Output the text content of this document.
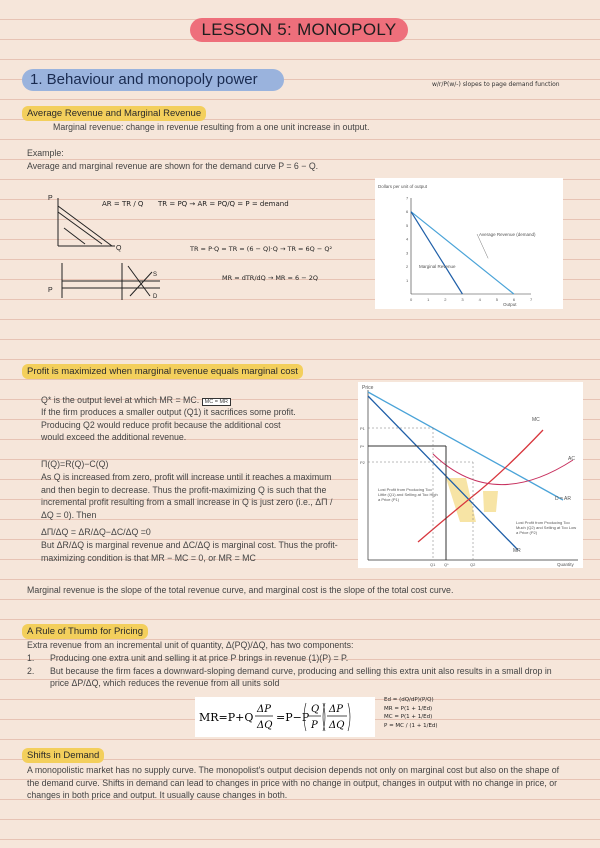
LESSON 5: MONOPOLY
1. Behaviour and monopoly power	w/r/P(w/-) slopes to page demand function
Average Revenue and Marginal Revenue
Marginal revenue: change in revenue resulting from a one unit increase in output.
Example:
Average and marginal revenue are shown for the demand curve P = 6 − Q.
P
Q
P
S
D
AR = TR / Q TR = PQ → AR = PQ/Q = P = demand
TR = P·Q = TR = (6 − Q)·Q → TR = 6Q − Q²
MR = dTR/dQ → MR = 6 − 2Q
Dollars per unit of output
Output
0	1	2	3	4	5	6	7
7
6
5
4
3
2
1
Average Revenue (demand)
Marginal Revenue
Profit is maximized when marginal revenue equals marginal cost
Q* is the output level at which MR = MC. MC = MR
If the firm produces a smaller output (Q1) it sacrifices some profit. Producing Q2 would reduce profit because the additional cost would exceed the additional revenue.
Π(Q)=R(Q)−C(Q)
As Q is increased from zero, profit will increase until it reaches a maximum and then begin to decrease. Thus the profit-maximizing Q is such that the incremental profit resulting from a small increase in Q is just zero (i.e., ΔΠ /ΔQ = 0). Then
ΔΠ/ΔQ = ΔR/ΔQ−ΔC/ΔQ =0
But ΔR/ΔQ is marginal revenue and ΔC/ΔQ is marginal cost. Thus the profit-maximizing condition is that MR − MC = 0, or MR = MC
Price
Quantity
MC
AC
D = AR
MR
P1
P*
P2
Q1 Q*	Q2
Lost Profit from Producing Too Little (Q1) and Selling at Too High a Price (P1)
Lost Profit from Producing Too Much (Q2) and Selling at Too Low a Price (P2)
Marginal revenue is the slope of the total revenue curve, and marginal cost is the slope of the total cost curve.
A Rule of Thumb for Pricing
Extra revenue from an incremental unit of quantity, Δ(PQ)/ΔQ, has two components:
1.	Producing one extra unit and selling it at price P brings in revenue (1)(P) = P.
2.	But because the firm faces a downward-sloping demand curve, producing and selling this extra unit also results in a small drop in price ΔP/ΔQ, which reduces the revenue from all units sold
MR=P+Q
ΔP
ΔQ
=P−P
Q
P
ΔP
ΔQ
Ed = (dQ/dP)(P/Q)
MR = P(1 + 1/Ed)
MC = P(1 + 1/Ed)
P = MC / (1 + 1/Ed)
Shifts in Demand
A monopolistic market has no supply curve. The monopolist's output decision depends not only on marginal cost but also on the shape of the demand curve. Shifts in demand can lead to changes in price with no change in output, changes in output with no change in price, or changes in both price and output. It usually cause changes in both.
